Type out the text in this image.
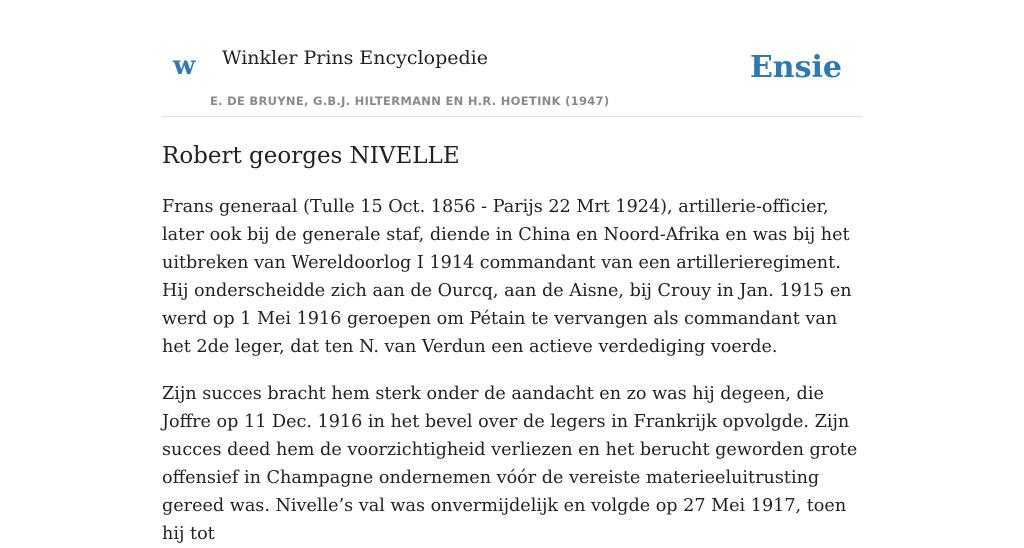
w Winkler Prins Encyclopedie
E. DE BRUYNE, G.B.J. HILTERMANN EN H.R. HOETINK (1947)
Ensie
Robert georges NIVELLE

Frans generaal (Tulle 15 Oct. 1856 - Parijs 22 Mrt 1924), artillerie-officier, later ook bij de generale staf, diende in China en Noord-Afrika en was bij het uitbreken van Wereldoorlog I 1914 commandant van een artillerieregiment. Hij onderscheidde zich aan de Ourcq, aan de Aisne, bij Crouy in Jan. 1915 en werd op 1 Mei 1916 geroepen om Pétain te vervangen als commandant van het 2de leger, dat ten N. van Verdun een actieve verdediging voerde.

Zijn succes bracht hem sterk onder de aandacht en zo was hij degeen, die Joffre op 11 Dec. 1916 in het bevel over de legers in Frankrijk opvolgde. Zijn succes deed hem de voorzichtigheid verliezen en het berucht geworden grote offensief in Champagne ondernemen vóór de vereiste materieeluitrusting gereed was. Nivelle’s val was onvermijdelijk en volgde op 27 Mei 1917, toen hij tot
